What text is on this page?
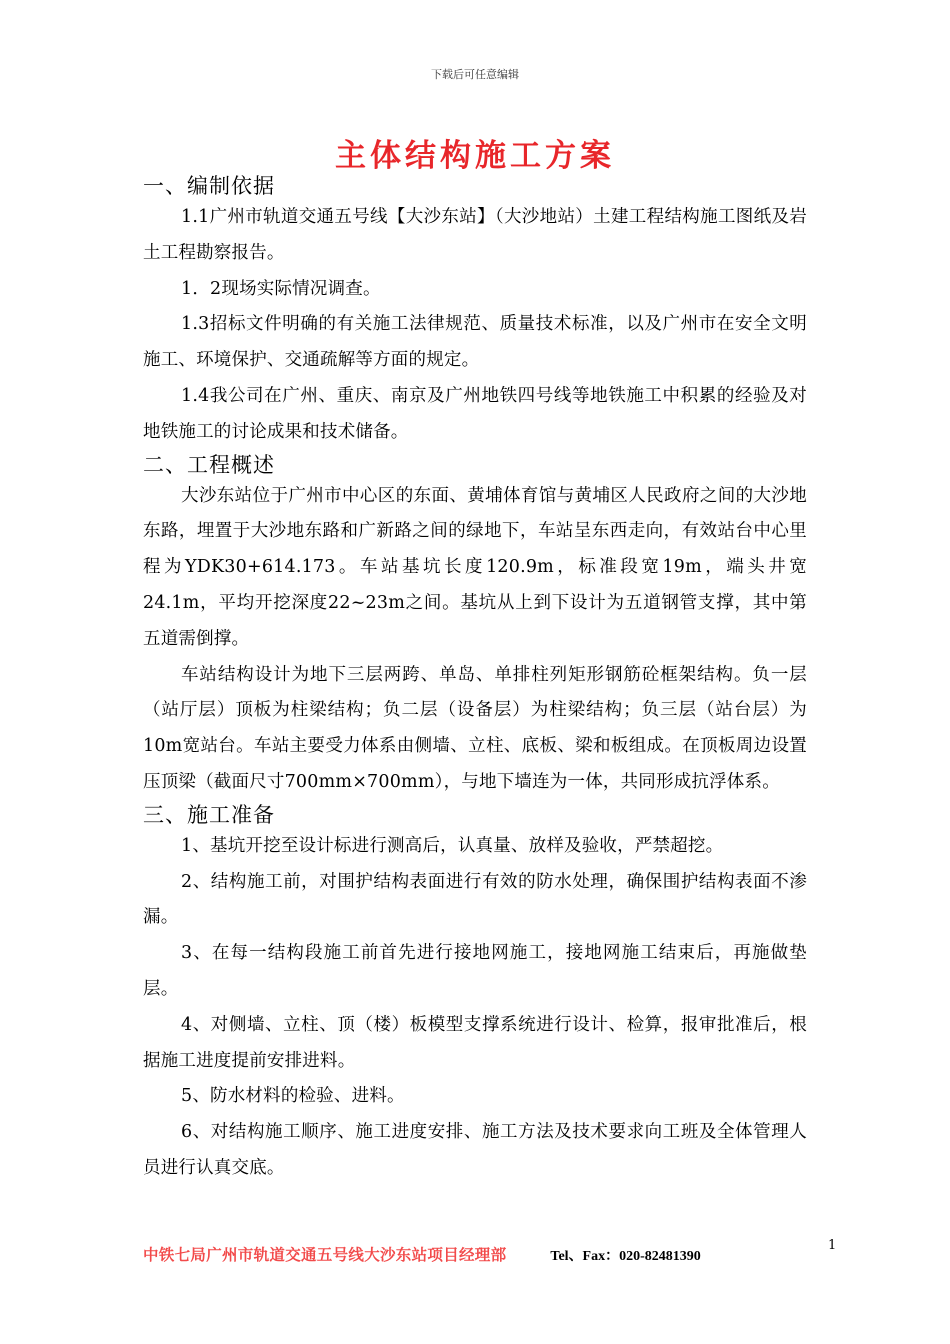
下载后可任意编辑
主体结构施工方案
一、编制依据

1.1广州市轨道交通五号线【大沙东站】（大沙地站）土建工程结构施工图纸及岩土工程勘察报告。

1．2现场实际情况调查。

1.3招标文件明确的有关施工法律规范、质量技术标准，以及广州市在安全文明施工、环境保护、交通疏解等方面的规定。

1.4我公司在广州、重庆、南京及广州地铁四号线等地铁施工中积累的经验及对地铁施工的讨论成果和技术储备。

二、工程概述

大沙东站位于广州市中心区的东面、黄埔体育馆与黄埔区人民政府之间的大沙地东路，埋置于大沙地东路和广新路之间的绿地下，车站呈东西走向，有效站台中心里程为YDK30+614.173。车站基坑长度120.9m，标准段宽19m，端头井宽24.1m，平均开挖深度22~23m之间。基坑从上到下设计为五道钢管支撑，其中第五道需倒撑。

车站结构设计为地下三层两跨、单岛、单排柱列矩形钢筋砼框架结构。负一层（站厅层）顶板为柱梁结构；负二层（设备层）为柱梁结构；负三层（站台层）为10m宽站台。车站主要受力体系由侧墙、立柱、底板、梁和板组成。在顶板周边设置压顶梁（截面尺寸700mm×700mm），与地下墙连为一体，共同形成抗浮体系。

三、施工准备

1、基坑开挖至设计标进行测高后，认真量、放样及验收，严禁超挖。

2、结构施工前，对围护结构表面进行有效的防水处理，确保围护结构表面不渗漏。

3、在每一结构段施工前首先进行接地网施工，接地网施工结束后，再施做垫层。

4、对侧墙、立柱、顶（楼）板模型支撑系统进行设计、检算，报审批准后，根据施工进度提前安排进料。

5、防水材料的检验、进料。

6、对结构施工顺序、施工进度安排、施工方法及技术要求向工班及全体管理人员进行认真交底。

1
中铁七局广州市轨道交通五号线大沙东站项目经理部	Tel、Fax：020-82481390
